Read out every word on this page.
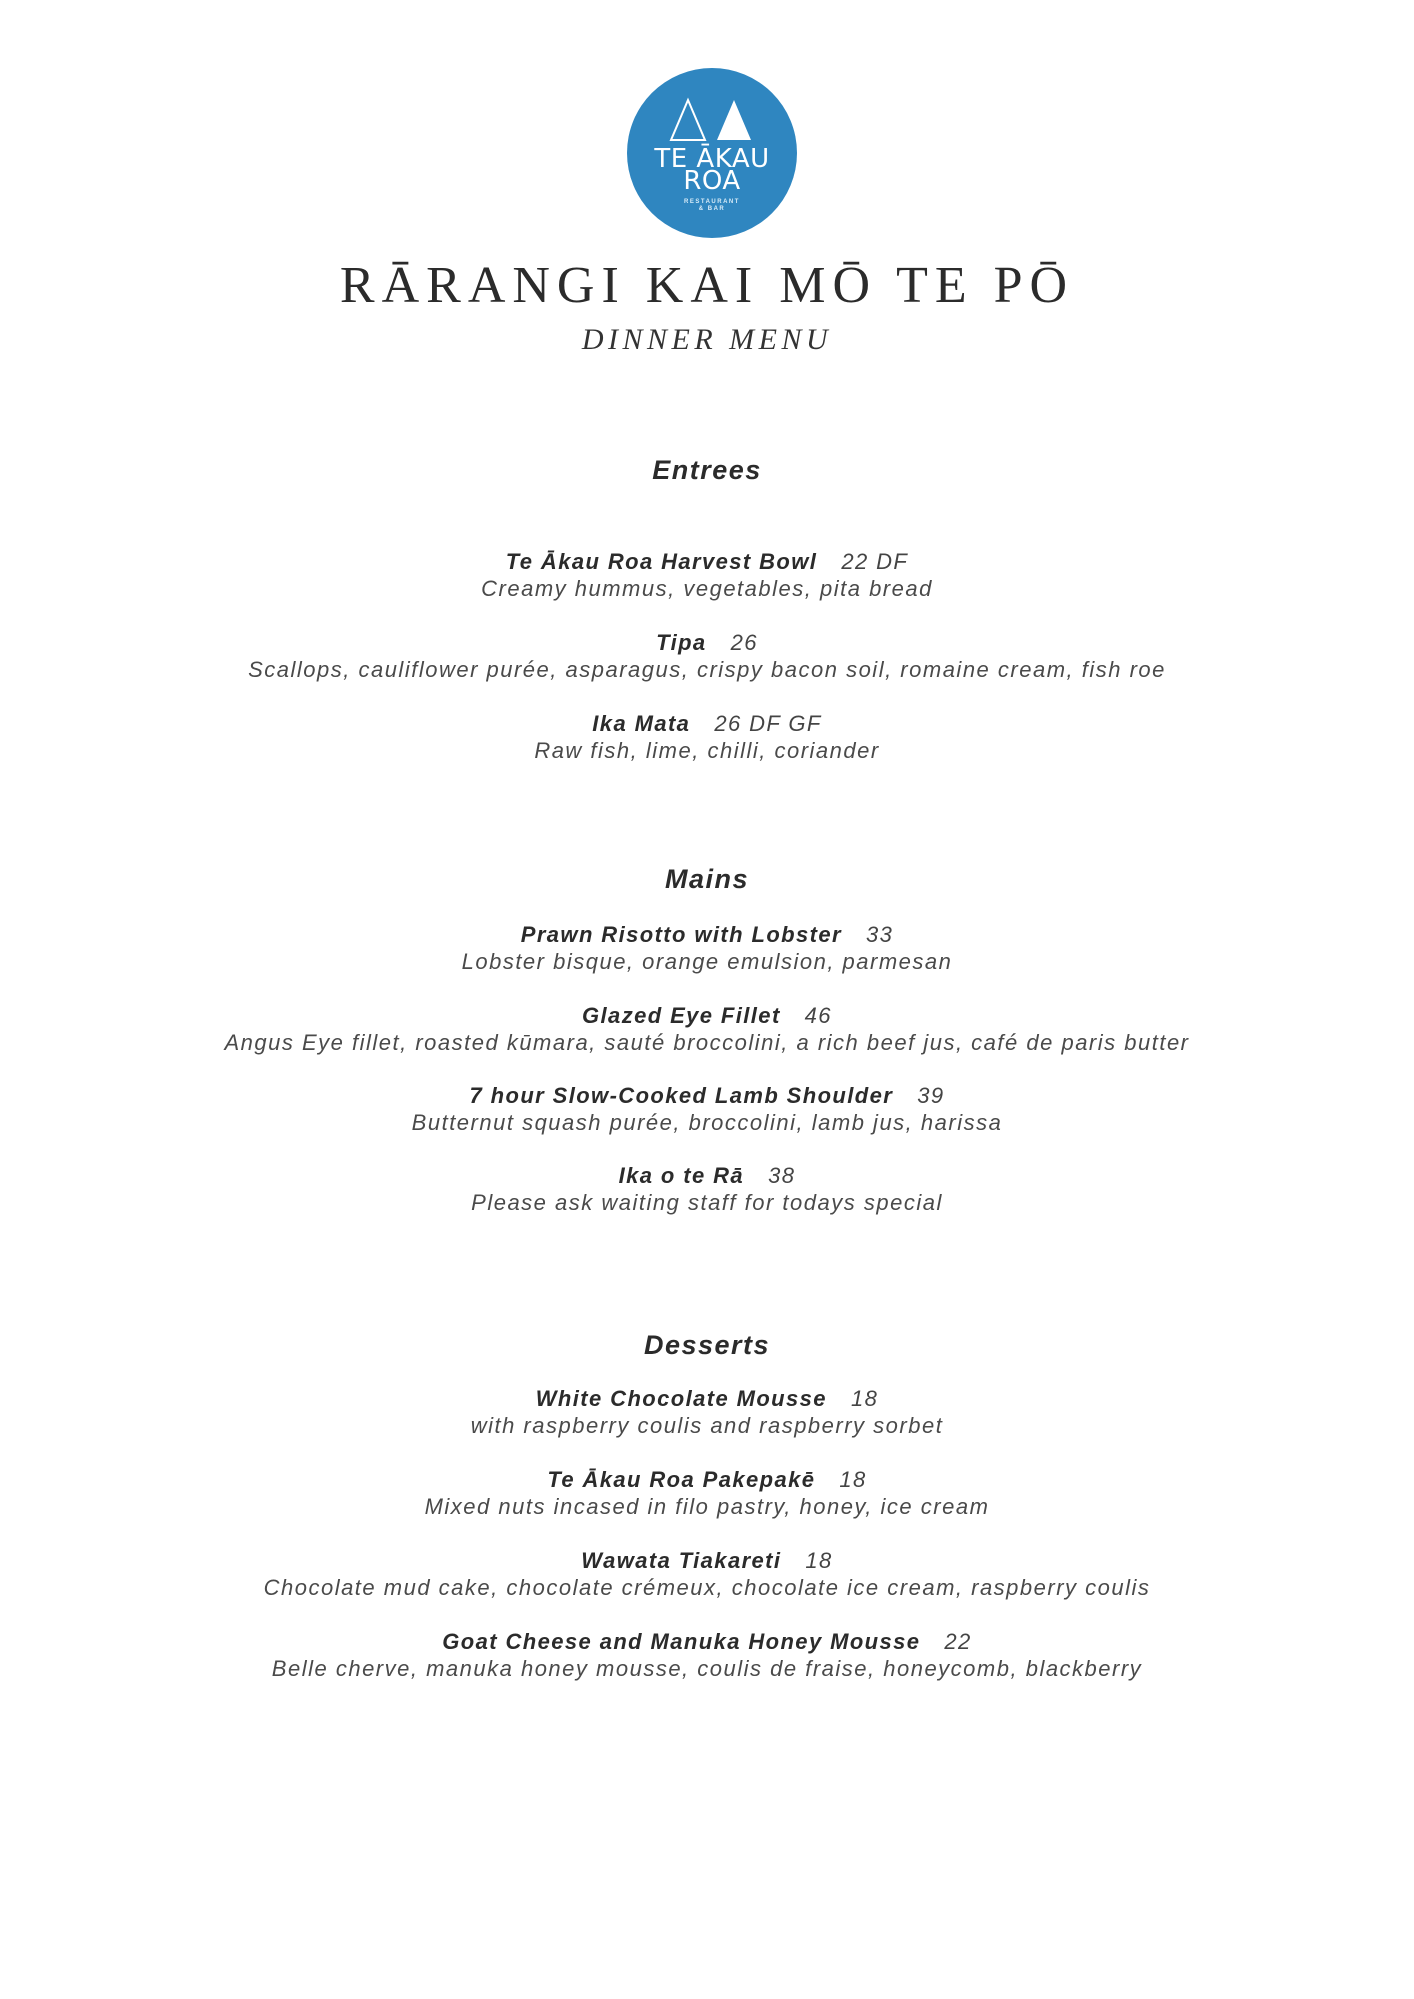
TE ĀKAU
ROA
RESTAURANT
& BAR
RĀRANGI KAI MŌ TE PŌ
DINNER MENU
Entrees
Te Ākau Roa Harvest Bowl 22 DF
Creamy hummus, vegetables, pita bread
Tipa 26
Scallops, cauliflower purée, asparagus, crispy bacon soil, romaine cream, fish roe
Ika Mata 26 DF GF
Raw fish, lime, chilli, coriander
Mains
Prawn Risotto with Lobster 33
Lobster bisque, orange emulsion, parmesan
Glazed Eye Fillet 46
Angus Eye fillet, roasted kūmara, sauté broccolini, a rich beef jus, café de paris butter
7 hour Slow-Cooked Lamb Shoulder 39
Butternut squash purée, broccolini, lamb jus, harissa
Ika o te Rā 38
Please ask waiting staff for todays special
Desserts
White Chocolate Mousse 18
with raspberry coulis and raspberry sorbet
Te Ākau Roa Pakepakē 18
Mixed nuts incased in filo pastry, honey, ice cream
Wawata Tiakareti 18
Chocolate mud cake, chocolate crémeux, chocolate ice cream, raspberry coulis
Goat Cheese and Manuka Honey Mousse 22
Belle cherve, manuka honey mousse, coulis de fraise, honeycomb, blackberry
